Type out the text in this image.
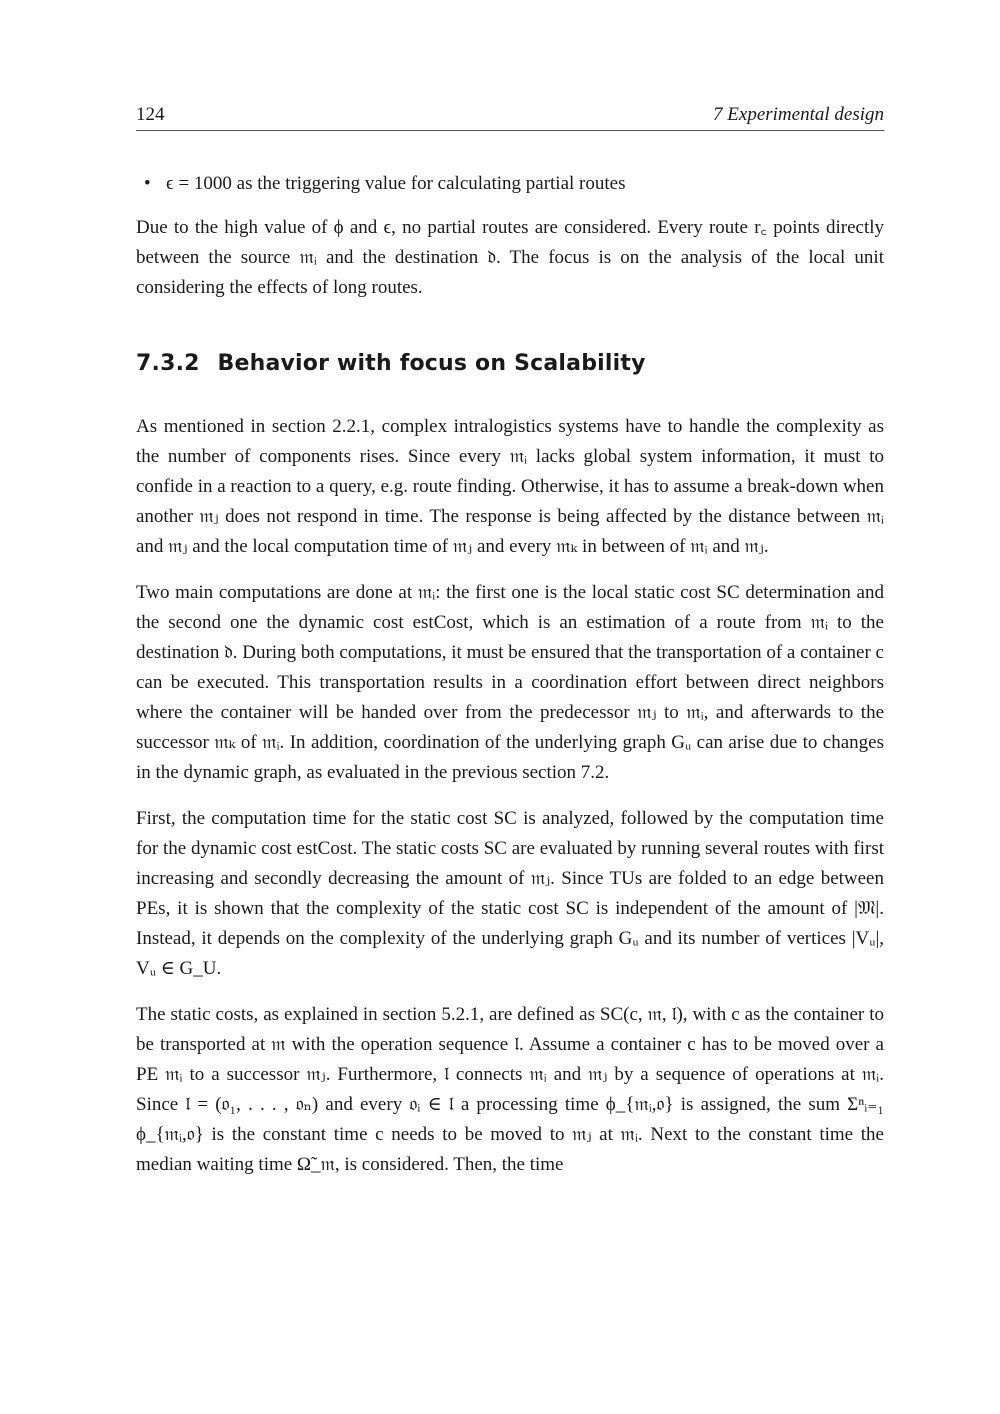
124	7 Experimental design
• ϵ = 1000 as the triggering value for calculating partial routes

Due to the high value of ϕ and ϵ, no partial routes are considered. Every route r꜀ points directly between the source 𝔪ᵢ and the destination 𝔡. The focus is on the analysis of the local unit considering the effects of long routes.

7.3.2 Behavior with focus on Scalability

As mentioned in section 2.2.1, complex intralogistics systems have to handle the complexity as the number of components rises. Since every 𝔪ᵢ lacks global system information, it must to confide in a reaction to a query, e.g. route finding. Otherwise, it has to assume a break-down when another 𝔪ⱼ does not respond in time. The response is being affected by the distance between 𝔪ᵢ and 𝔪ⱼ and the local computation time of 𝔪ⱼ and every 𝔪ₖ in between of 𝔪ᵢ and 𝔪ⱼ.

Two main computations are done at 𝔪ᵢ: the first one is the local static cost SC determination and the second one the dynamic cost estCost, which is an estimation of a route from 𝔪ᵢ to the destination 𝔡. During both computations, it must be ensured that the transportation of a container c can be executed. This transportation results in a coordination effort between direct neighbors where the container will be handed over from the predecessor 𝔪ⱼ to 𝔪ᵢ, and afterwards to the successor 𝔪ₖ of 𝔪ᵢ. In addition, coordination of the underlying graph Gᵤ can arise due to changes in the dynamic graph, as evaluated in the previous section 7.2.

First, the computation time for the static cost SC is analyzed, followed by the computation time for the dynamic cost estCost. The static costs SC are evaluated by running several routes with first increasing and secondly decreasing the amount of 𝔪ⱼ. Since TUs are folded to an edge between PEs, it is shown that the complexity of the static cost SC is independent of the amount of |𝔐|. Instead, it depends on the complexity of the underlying graph Gᵤ and its number of vertices |Vᵤ|, Vᵤ ∈ G_U.

The static costs, as explained in section 5.2.1, are defined as SC(c, 𝔪, 𝔩), with c as the container to be transported at 𝔪 with the operation sequence 𝔩. Assume a container c has to be moved over a PE 𝔪ᵢ to a successor 𝔪ⱼ. Furthermore, 𝔩 connects 𝔪ᵢ and 𝔪ⱼ by a sequence of operations at 𝔪ᵢ. Since 𝔩 = (𝔬₁, . . . , 𝔬ₙ) and every 𝔬ᵢ ∈ 𝔩 a processing time ϕ_{𝔪ᵢ,𝔬} is assigned, the sum Σⁿᵢ₌₁ ϕ_{𝔪ᵢ,𝔬} is the constant time c needs to be moved to 𝔪ⱼ at 𝔪ᵢ. Next to the constant time the median waiting time Ω̃_𝔪, is considered. Then, the time
